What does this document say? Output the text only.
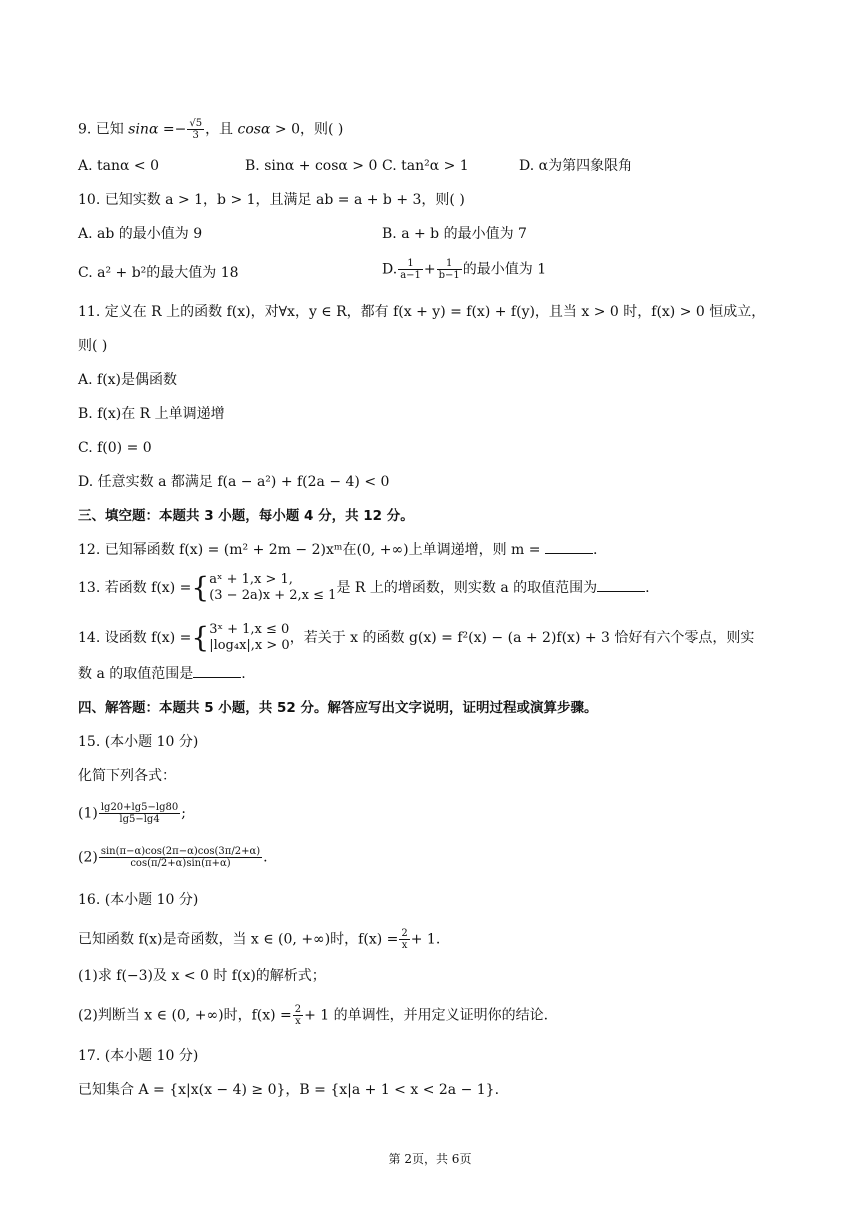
9. 已知 $\sin\alpha =- \frac{√5}{3}$ ，且 cosα > 0，则( )
A. tanα < 0	B. sinα + cosα > 0 C. tan²α > 1	D. α为第四象限角
10. 已知实数 a > 1，b > 1，且满足 ab = a + b + 3，则( )
A. ab 的最小值为 9	B. a + b 的最小值为 7
C. a² + b²的最大值为 18	D. $\frac{1}{a-1} + \frac{1}{b-1}$ 的最小值为 1
11. 定义在 R 上的函数 f(x)，对∀x，y ∈ R，都有 f(x + y) = f(x) + f(y)，且当 x > 0 时，f(x) > 0 恒成立，
则( )
A. f(x)是偶函数
B. f(x)在 R 上单调递增
C. f(0) = 0
D. 任意实数 a 都满足 f(a − a²) + f(2a − 4) < 0
三、填空题：本题共 3 小题，每小题 4 分，共 12 分。
12. 已知幂函数 f(x) = (m² + 2m − 2)xᵐ在(0, +∞)上单调递增，则 m =	.
13. 若函数 f(x) ={ aˣ + 1,x > 1,
(3 − 2a)x + 2,x ≤ 1 是 R 上的增函数，则实数 a 的取值范围为	.
14. 设函数 f(x) ={ 3ˣ + 1,x ≤ 0
|log₄x|,x > 0 ，若关于 x 的函数 g(x) = f²(x) − (a + 2)f(x) + 3 恰好有六个零点，则实
数 a 的取值范围是	.
四、解答题：本题共 5 小题，共 52 分。解答应写出文字说明，证明过程或演算步骤。
15. (本小题 10 分)
化简下列各式：
$(1) \frac{\lg 20+\lg 5-\lg 80}{\lg 5-\lg 4}$ ;
$(2) \frac{\sin(\pi-\alpha)\cos(2\pi-\alpha)\cos(3\pi/2+\alpha)}{\cos(\pi/2+\alpha)\sin(\pi+\alpha)}$ .
16. (本小题 10 分)
已知函数 f(x)是奇函数，当 x ∈ (0, +∞)时，$f(x) = \frac{2}{x} + 1$.
(1)求 f(−3)及 x < 0 时 f(x)的解析式；
(2)判断当 x ∈ (0, +∞)时，$f(x) = \frac{2}{x} + 1$ 的单调性，并用定义证明你的结论.
17. (本小题 10 分)
已知集合 A = {x|x(x − 4) ≥ 0}，B = {x|a + 1 < x < 2a − 1}.
第 2页，共 6页
